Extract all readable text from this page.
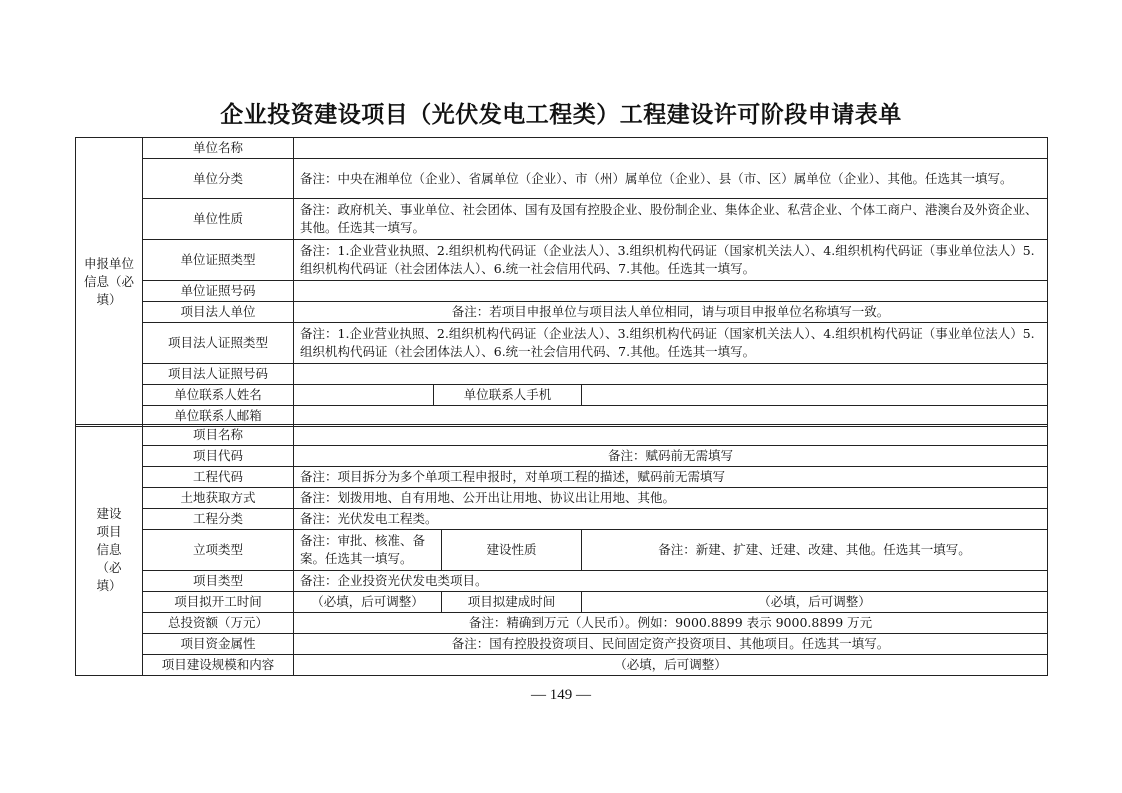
企业投资建设项目（光伏发电工程类）工程建设许可阶段申请表单
申报单位信息（必填）	单位名称			
	单位分类	备注：中央在湘单位（企业）、省属单位（企业）、市（州）属单位（企业）、县（市、区）属单位（企业）、其他。任选其一填写。		
	单位性质	备注：政府机关、事业单位、社会团体、国有及国有控股企业、股份制企业、集体企业、私营企业、个体工商户、港澳台及外资企业、其他。任选其一填写。		
	单位证照类型	备注：1.企业营业执照、2.组织机构代码证（企业法人）、3.组织机构代码证（国家机关法人）、4.组织机构代码证（事业单位法人）5.组织机构代码证（社会团体法人）、6.统一社会信用代码、7.其他。任选其一填写。		
	单位证照号码			
	项目法人单位	备注：若项目申报单位与项目法人单位相同，请与项目申报单位名称填写一致。		
	项目法人证照类型	备注：1.企业营业执照、2.组织机构代码证（企业法人）、3.组织机构代码证（国家机关法人）、4.组织机构代码证（事业单位法人）5.组织机构代码证（社会团体法人）、6.统一社会信用代码、7.其他。任选其一填写。		
	项目法人证照号码			
	单位联系人姓名		单位联系人手机	
	单位联系人邮箱			
建设项目信息（必填）	项目名称			
	项目代码	备注：赋码前无需填写		
	工程代码	备注：项目拆分为多个单项工程申报时，对单项工程的描述，赋码前无需填写		
	土地获取方式	备注：划拨用地、自有用地、公开出让用地、协议出让用地、其他。		
	工程分类	备注：光伏发电工程类。		
	立项类型	备注：审批、核准、备案。任选其一填写。	建设性质	备注：新建、扩建、迁建、改建、其他。任选其一填写。
	项目类型	备注：企业投资光伏发电类项目。		
	项目拟开工时间	（必填，后可调整）	项目拟建成时间	（必填，后可调整）
	总投资额（万元）	备注：精确到万元（人民币）。例如：9000.8899 表示 9000.8899 万元		
	项目资金属性	备注：国有控股投资项目、民间固定资产投资项目、其他项目。任选其一填写。		
	项目建设规模和内容	（必填，后可调整）		
— 149 —
